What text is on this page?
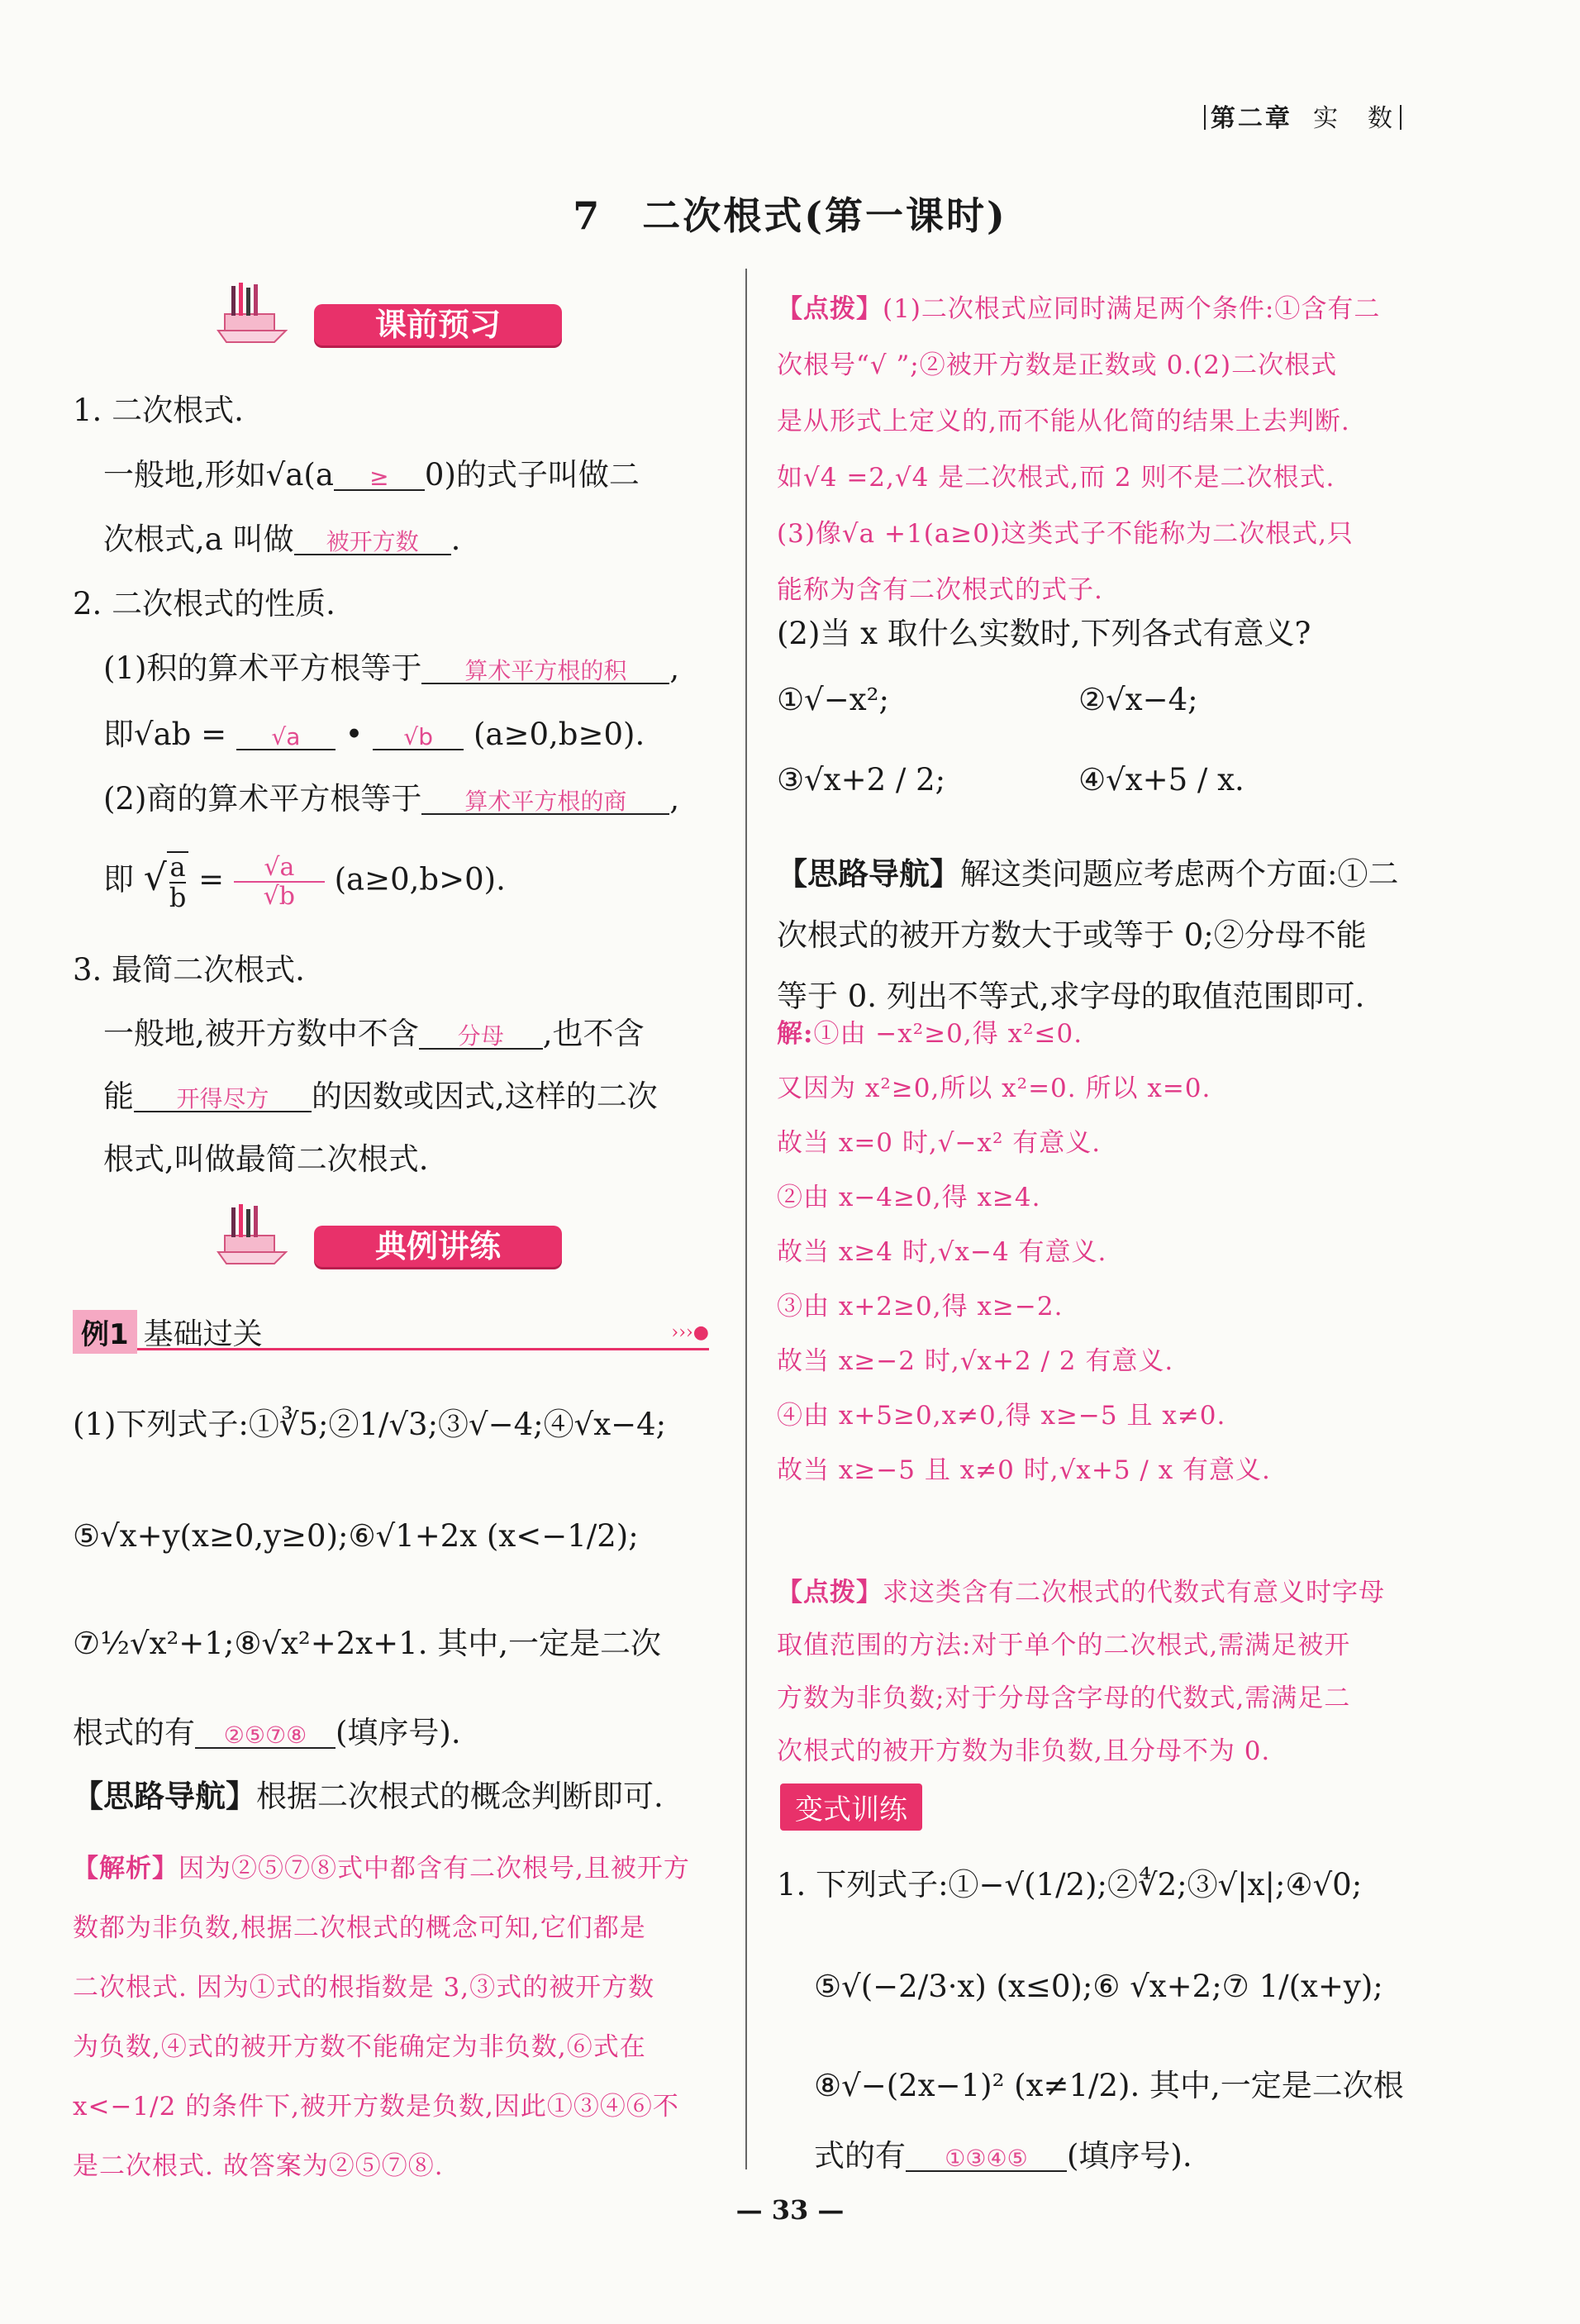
第二章 实　数
7　二次根式(第一课时)
课前预习
1. 二次根式.
一般地,形如√a(a ≥ 0)的式子叫做二
次根式,a 叫做 被开方数 .
2. 二次根式的性质.
(1)积的算术平方根等于 算术平方根的积 ,
即√ab = √a • √b (a≥0,b≥0).
(2)商的算术平方根等于 算术平方根的商 ,
即 √ $\frac{a}{b} = \frac{√a}{√b} (a\ge 0,b>0)$.
3. 最简二次根式.
一般地,被开方数中不含 分母 ,也不含
能 开得尽方 的因数或因式,这样的二次
根式,叫做最简二次根式.
典例讲练
例1 基础过关	›››●
(1)下列式子:①∛5;②1/√3;③√−4;④√x−4;
⑤√x+y(x≥0,y≥0);⑥√1+2x (x<−1/2);
⑦½√x²+1;⑧√x²+2x+1. 其中,一定是二次
根式的有 ②⑤⑦⑧ (填序号).
【思路导航】根据二次根式的概念判断即可.
【解析】因为②⑤⑦⑧式中都含有二次根号,且被开方
数都为非负数,根据二次根式的概念可知,它们都是
二次根式. 因为①式的根指数是 3,③式的被开方数
为负数,④式的被开方数不能确定为非负数,⑥式在
x<−1/2 的条件下,被开方数是负数,因此①③④⑥不
是二次根式. 故答案为②⑤⑦⑧.
【点拨】(1)二次根式应同时满足两个条件:①含有二
次根号“√ ”;②被开方数是正数或 0.(2)二次根式
是从形式上定义的,而不能从化简的结果上去判断.
如√4 =2,√4 是二次根式,而 2 则不是二次根式.
(3)像√a +1(a≥0)这类式子不能称为二次根式,只
能称为含有二次根式的式子.
(2)当 x 取什么实数时,下列各式有意义?
①√−x²;	②√x−4;
③√x+2 / 2;	④√x+5 / x.
【思路导航】解这类问题应考虑两个方面:①二
次根式的被开方数大于或等于 0;②分母不能
等于 0. 列出不等式,求字母的取值范围即可.
解:①由 −x²≥0,得 x²≤0.
又因为 x²≥0,所以 x²=0. 所以 x=0.
故当 x=0 时,√−x² 有意义.
②由 x−4≥0,得 x≥4.
故当 x≥4 时,√x−4 有意义.
③由 x+2≥0,得 x≥−2.
故当 x≥−2 时,√x+2 / 2 有意义.
④由 x+5≥0,x≠0,得 x≥−5 且 x≠0.
故当 x≥−5 且 x≠0 时,√x+5 / x 有意义.
【点拨】求这类含有二次根式的代数式有意义时字母
取值范围的方法:对于单个的二次根式,需满足被开
方数为非负数;对于分母含字母的代数式,需满足二
次根式的被开方数为非负数,且分母不为 0.
变式训练
1. 下列式子:①−√(1/2);②∜2;③√|x|;④√0;
⑤√(−2/3·x) (x≤0);⑥ √x+2;⑦ 1/(x+y);
⑧√−(2x−1)² (x≠1/2). 其中,一定是二次根
式的有 ①③④⑤ (填序号).
— 33 —
